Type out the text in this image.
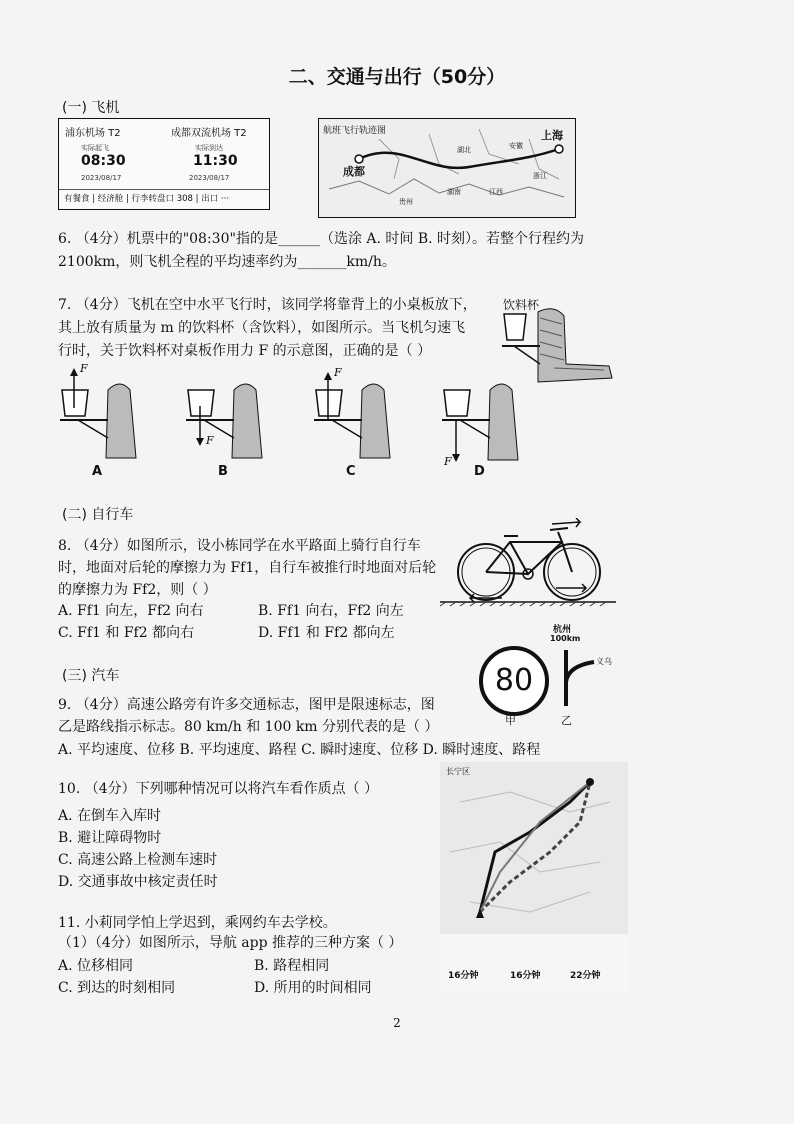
二、交通与出行（50分）
(一) 飞机
浦东机场 T2	成都双流机场 T2
实际起飞	实际到达
08:30	11:30
2023/08/17	2023/08/17
有餐食 | 经济舱 | 行李转盘口 308 | 出口 ···
航班飞行轨迹图
成都
上海
湖北	安徽
湖南	江西
浙江
贵州
6. （4分）机票中的"08:30"指的是______（选涂 A. 时间 B. 时刻）。若整个行程约为
2100km，则飞机全程的平均速率约为_______km/h。
7. （4分）飞机在空中水平飞行时，该同学将靠背上的小桌板放下，
其上放有质量为 m 的饮料杯（含饮料），如图所示。当飞机匀速飞
行时，关于饮料杯对桌板作用力 F 的示意图，正确的是（ ）
饮料杯
F
F
F
F
A	B	C	D
(二) 自行车
8. （4分）如图所示，设小栋同学在水平路面上骑行自行车
时，地面对后轮的摩擦力为 Ff1，自行车被推行时地面对后轮
的摩擦力为 Ff2，则（ ）
A. Ff1 向左，Ff2 向右	B. Ff1 向右，Ff2 向左
C. Ff1 和 Ff2 都向右	D. Ff1 和 Ff2 都向左
(三) 汽车	80
杭州
100km
义乌
甲	乙
9. （4分）高速公路旁有许多交通标志，图甲是限速标志，图
乙是路线指示标志。80 km/h 和 100 km 分别代表的是（ ）
A. 平均速度、位移 B. 平均速度、路程 C. 瞬时速度、位移 D. 瞬时速度、路程
10. （4分）下列哪种情况可以将汽车看作质点（ ）
A. 在倒车入库时
B. 避让障碍物时
C. 高速公路上检测车速时
D. 交通事故中核定责任时
长宁区
16分钟	16分钟	22分钟
11. 小莉同学怕上学迟到，乘网约车去学校。
（1）（4分）如图所示，导航 app 推荐的三种方案（ ）
A. 位移相同	B. 路程相同
C. 到达的时刻相同	D. 所用的时间相同
2
